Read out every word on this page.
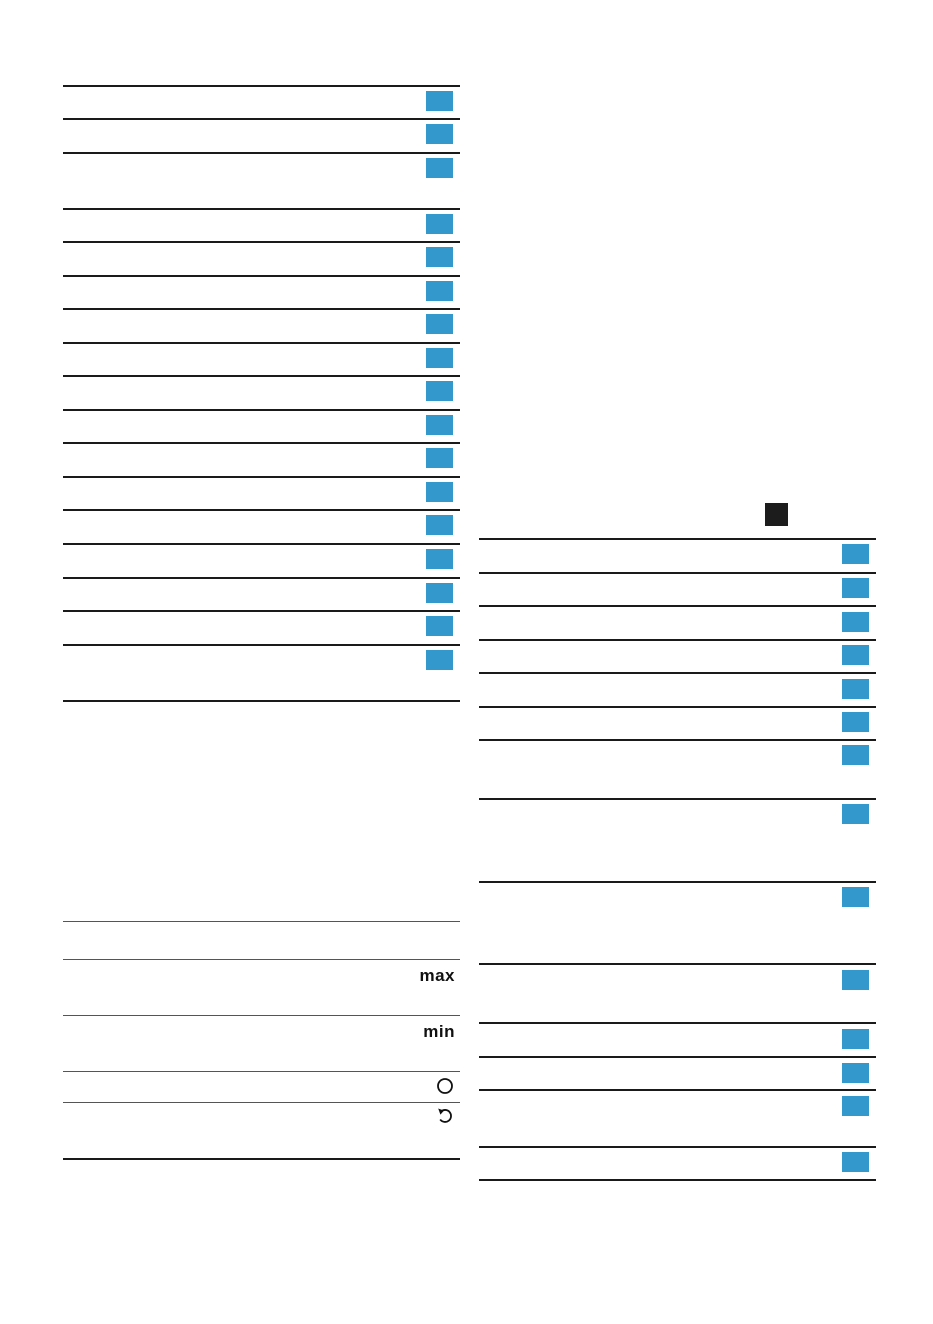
max
min
